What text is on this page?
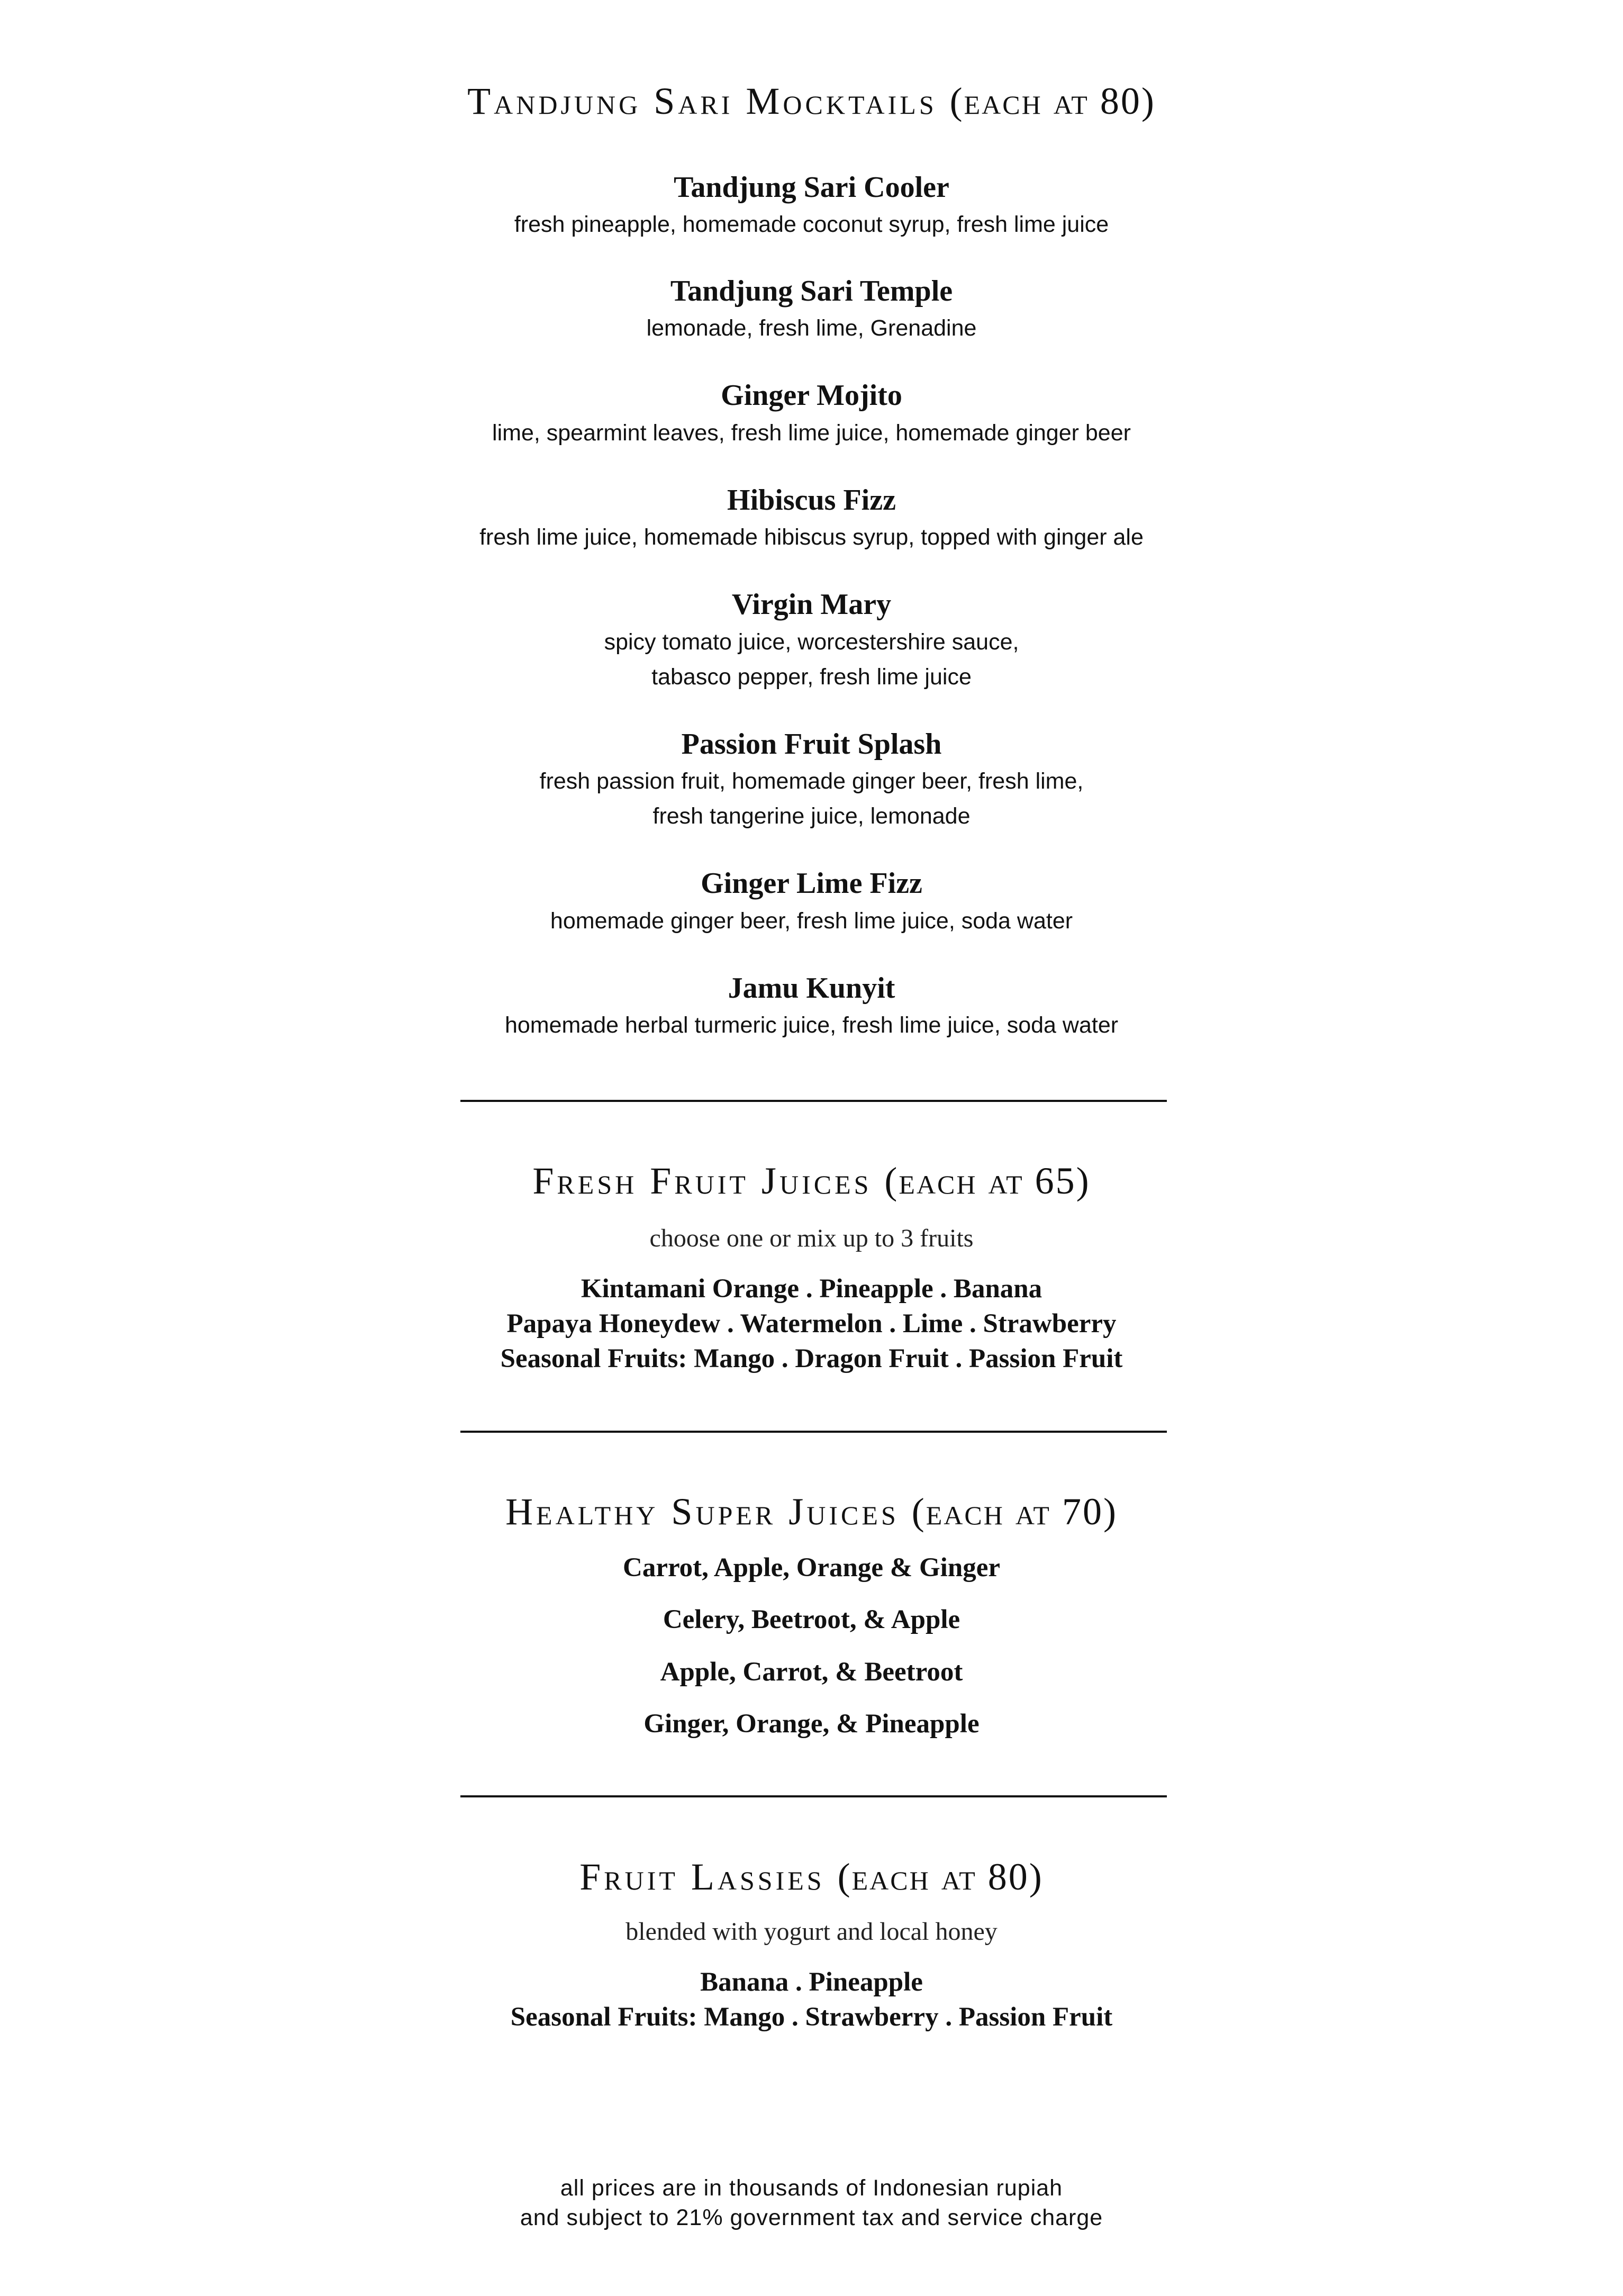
Tandjung Sari Mocktails (each at 80)
Tandjung Sari Cooler
fresh pineapple, homemade coconut syrup, fresh lime juice
Tandjung Sari Temple
lemonade, fresh lime, Grenadine
Ginger Mojito
lime, spearmint leaves, fresh lime juice, homemade ginger beer
Hibiscus Fizz
fresh lime juice, homemade hibiscus syrup, topped with ginger ale
Virgin Mary
spicy tomato juice, worcestershire sauce,
tabasco pepper, fresh lime juice
Passion Fruit Splash
fresh passion fruit, homemade ginger beer, fresh lime,
fresh tangerine juice, lemonade
Ginger Lime Fizz
homemade ginger beer, fresh lime juice, soda water
Jamu Kunyit
homemade herbal turmeric juice, fresh lime juice, soda water
Fresh Fruit Juices (each at 65)
choose one or mix up to 3 fruits
Kintamani Orange . Pineapple . Banana
Papaya Honeydew . Watermelon . Lime . Strawberry
Seasonal Fruits: Mango . Dragon Fruit . Passion Fruit
Healthy Super Juices (each at 70)
Carrot, Apple, Orange & Ginger
Celery, Beetroot, & Apple
Apple, Carrot, & Beetroot
Ginger, Orange, & Pineapple
Fruit Lassies (each at 80)
blended with yogurt and local honey
Banana . Pineapple
Seasonal Fruits: Mango . Strawberry . Passion Fruit
all prices are in thousands of Indonesian rupiah
and subject to 21% government tax and service charge
